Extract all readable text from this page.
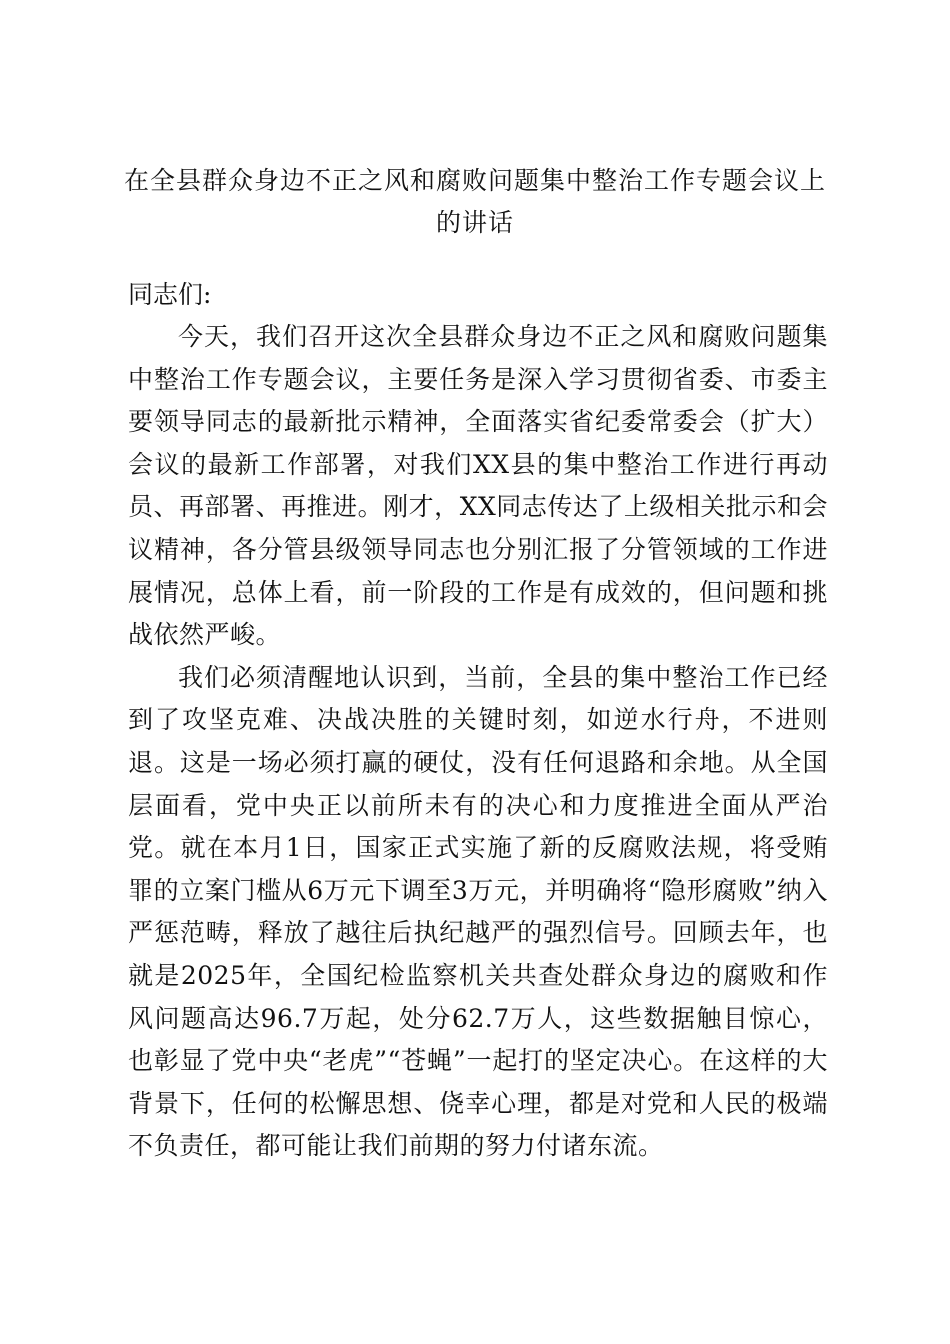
在全县群众身边不正之风和腐败问题集中整治工作专题会议上
的讲话
同志们:

今天，我们召开这次全县群众身边不正之风和腐败问题集中整治工作专题会议，主要任务是深入学习贯彻省委、市委主要领导同志的最新批示精神，全面落实省纪委常委会（扩大）会议的最新工作部署，对我们XX县的集中整治工作进行再动员、再部署、再推进。刚才，XX同志传达了上级相关批示和会议精神，各分管县级领导同志也分别汇报了分管领域的工作进展情况，总体上看，前一阶段的工作是有成效的，但问题和挑战依然严峻。

我们必须清醒地认识到，当前，全县的集中整治工作已经到了攻坚克难、决战决胜的关键时刻，如逆水行舟，不进则退。这是一场必须打赢的硬仗，没有任何退路和余地。从全国层面看，党中央正以前所未有的决心和力度推进全面从严治党。就在本月1日，国家正式实施了新的反腐败法规，将受贿罪的立案门槛从6万元下调至3万元，并明确将“隐形腐败”纳入严惩范畴，释放了越往后执纪越严的强烈信号。回顾去年，也就是2025年，全国纪检监察机关共查处群众身边的腐败和作风问题高达96.7万起，处分62.7万人，这些数据触目惊心，也彰显了党中央“老虎”“苍蝇”一起打的坚定决心。在这样的大背景下，任何的松懈思想、侥幸心理，都是对党和人民的极端不负责任，都可能让我们前期的努力付诸东流。
